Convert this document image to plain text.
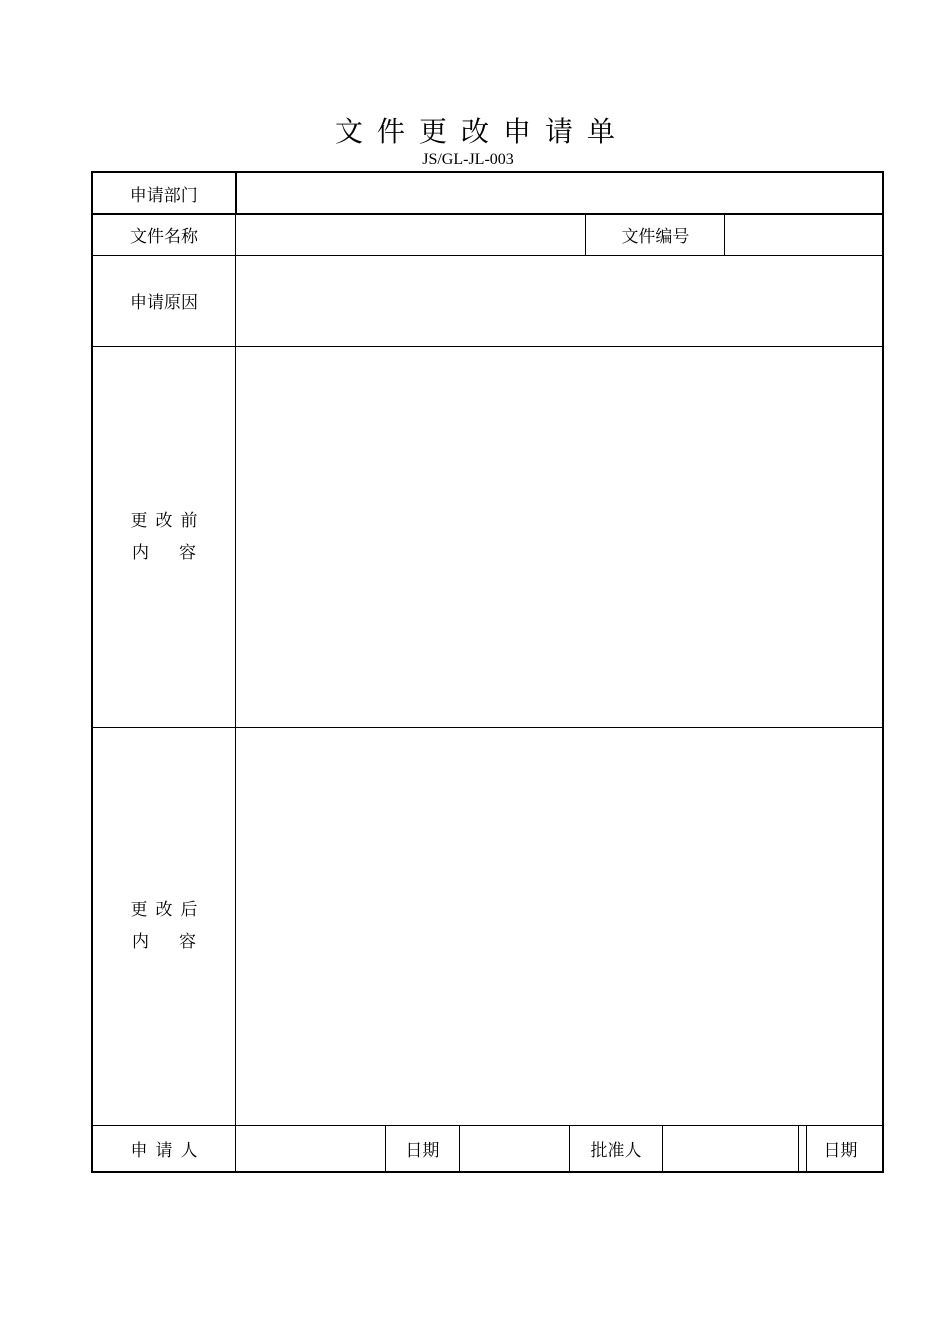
文件更改申请单
JS/GL-JL-003
申请部门								
文件名称					文件编号			
申请原因								

更改前
内容								

更改后
内容								

申请人		日期		批准人				日期
